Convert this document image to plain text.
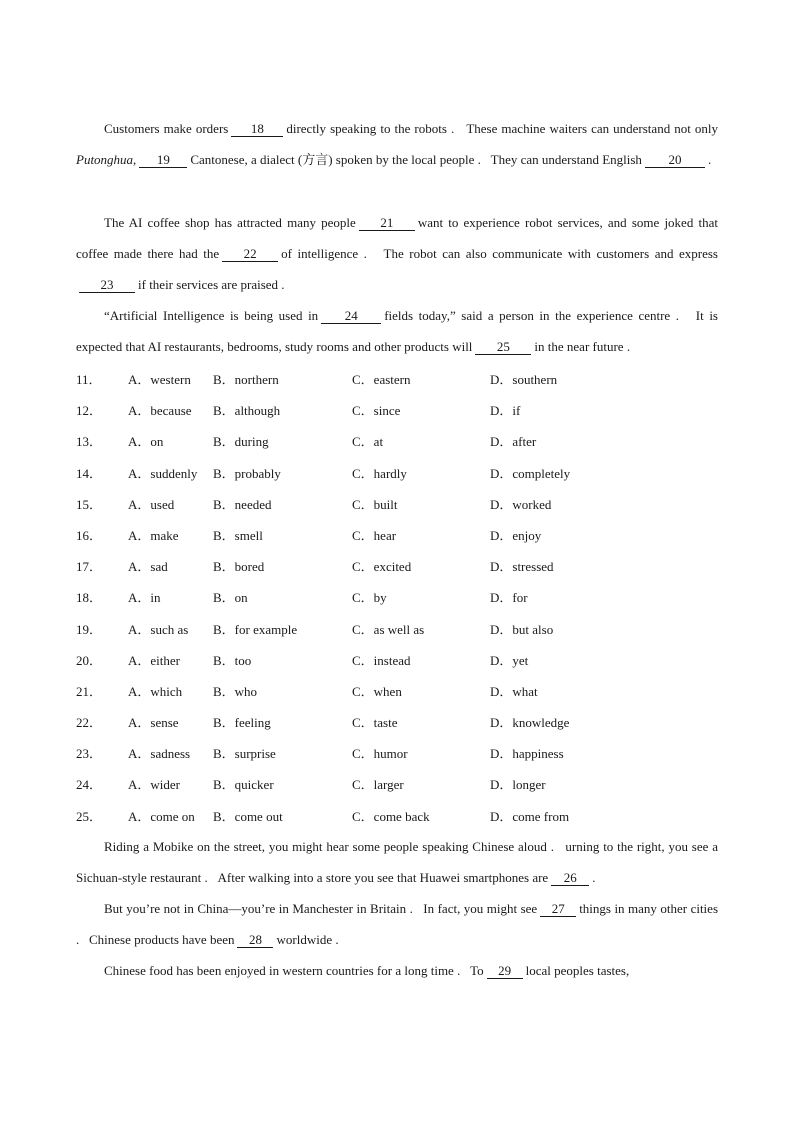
Customers make orders 18 directly speaking to the robots .   These machine waiters can understand not only Putonghua, 19 Cantonese, a dialect (方言) spoken by the local people .   They can understand English 20 .

The AI coffee shop has attracted many people 21 want to experience robot services, and some joked that coffee made there had the 22 of intelligence .   The robot can also communicate with customers and express23 if their services are praised .

“Artificial Intelligence is being used in 24 fields today,” said a person in the experience centre .   It is expected that AI restaurants, bedrooms, study rooms and other products will 25 in the near future .

11． A．western B．northern	C．eastern	D．southern
12． A．because B．although	C．since	D．if
13． A．on	B．during	C．at	D．after
14． A．suddenly B．probably	C．hardly	D．completely
15． A．used	B．needed	C．built	D．worked
16． A．make	B．smell	C．hear	D．enjoy
17． A．sad	B．bored	C．excited	D．stressed
18． A．in	B．on	C．by	D．for
19． A．such as B．for example	C．as well as	D．but also
20． A．either	B．too	C．instead	D．yet
21． A．which B．who	C．when	D．what
22． A．sense	B．feeling	C．taste	D．knowledge
23． A．sadness B．surprise	C．humor	D．happiness
24． A．wider	B．quicker	C．larger	D．longer
25． A．come on B．come out	C．come back	D．come from

Riding a Mobike on the street, you might hear some people speaking Chinese aloud .   urning to the right, you see a Sichuan-style restaurant .   After walking into a store you see that Huawei smartphones are 26 .

But you’re not in China—you’re in Manchester in Britain .   In fact, you might see 27 things in many other cities .   Chinese products have been 28 worldwide .

Chinese food has been enjoyed in western countries for a long time .   To 29 local peoples tastes,
